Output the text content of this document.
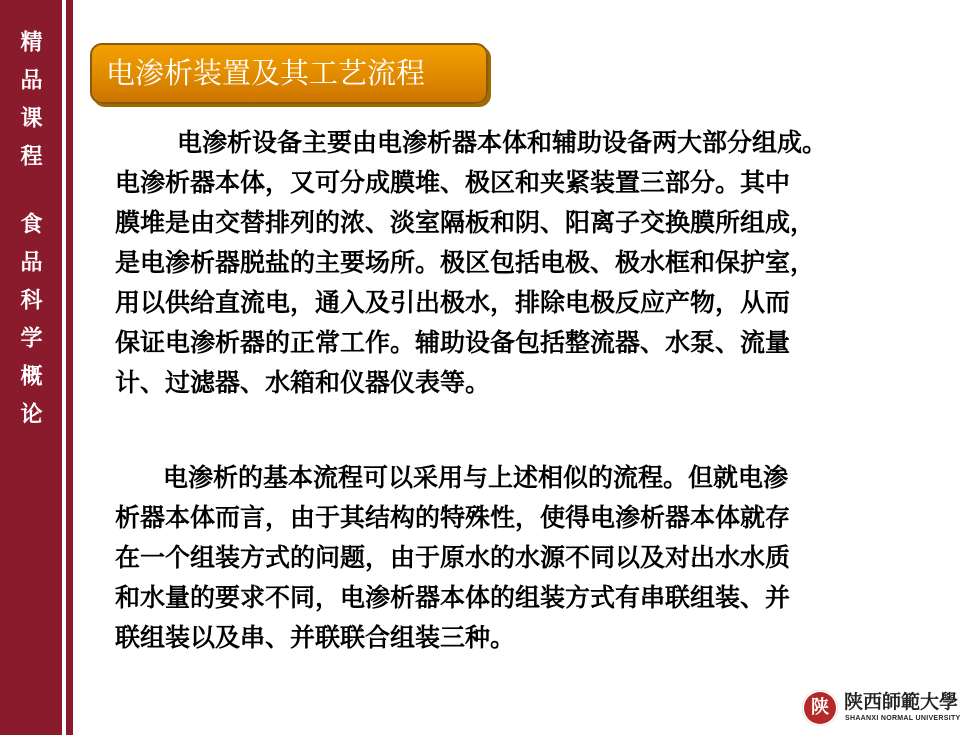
精品课程
食品科学概论
电渗析装置及其工艺流程
电渗析设备主要由电渗析器本体和辅助设备两大部分组成。
电渗析器本体，又可分成膜堆、极区和夹紧装置三部分。其中
膜堆是由交替排列的浓、淡室隔板和阴、阳离子交换膜所组成，
是电渗析器脱盐的主要场所。极区包括电极、极水框和保护室，
用以供给直流电，通入及引出极水，排除电极反应产物，从而
保证电渗析器的正常工作。辅助设备包括整流器、水泵、流量
计、过滤器、水箱和仪器仪表等。
电渗析的基本流程可以采用与上述相似的流程。但就电渗
析器本体而言，由于其结构的特殊性，使得电渗析器本体就存
在一个组装方式的问题，由于原水的水源不同以及对出水水质
和水量的要求不同，电渗析器本体的组装方式有串联组装、并
联组装以及串、并联联合组装三种。
陕 陕西師範大學
SHAANXI NORMAL UNIVERSITY
